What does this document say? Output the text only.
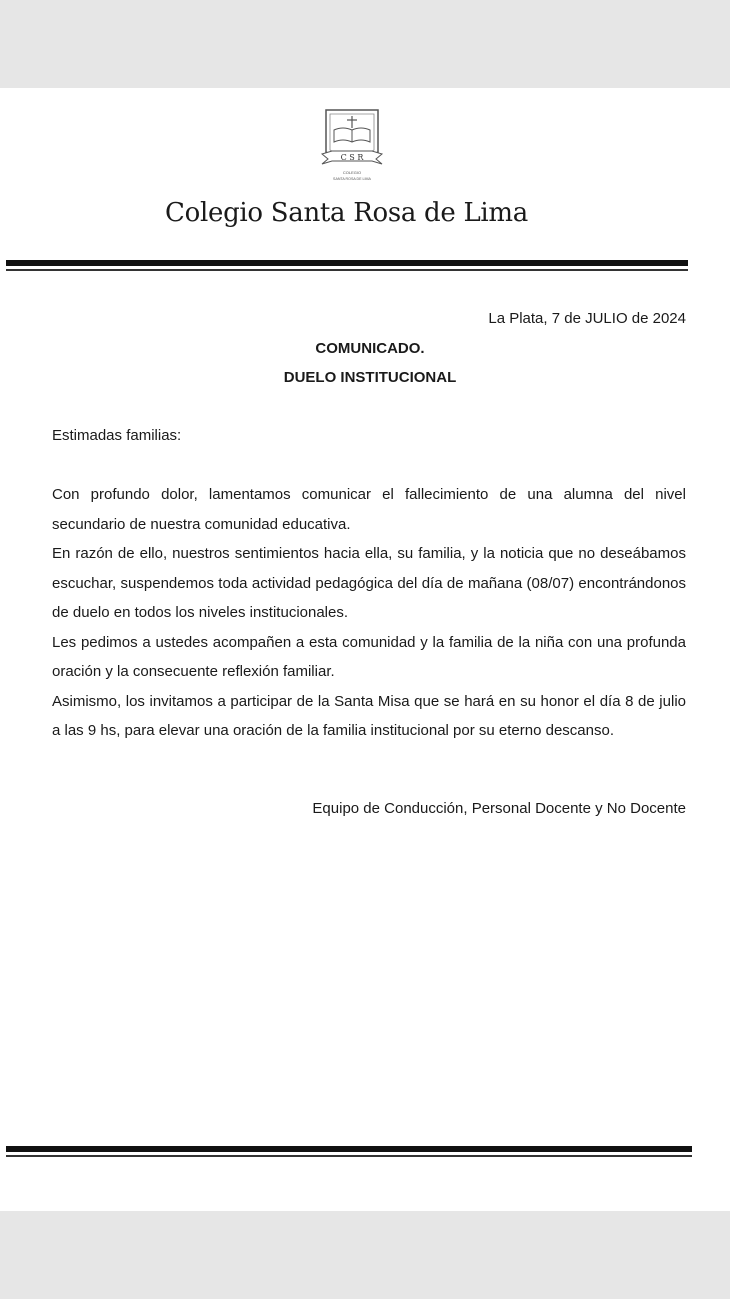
C S R
COLEGIO
SANTA ROSA DE LIMA
Colegio Santa Rosa de Lima
La Plata, 7 de JULIO de 2024
COMUNICADO.
DUELO INSTITUCIONAL
Estimadas familias:

Con profundo dolor, lamentamos comunicar el fallecimiento de una alumna del nivel secundario de nuestra comunidad educativa.

En razón de ello, nuestros sentimientos hacia ella, su familia, y la noticia que no deseábamos escuchar, suspendemos toda actividad pedagógica del día de mañana (08/07) encontrándonos de duelo en todos los niveles institucionales.

Les pedimos a ustedes acompañen a esta comunidad y la familia de la niña con una profunda oración y la consecuente reflexión familiar.

Asimismo, los invitamos a participar de la Santa Misa que se hará en su honor el día 8 de julio a las 9 hs, para elevar una oración de la familia institucional por su eterno descanso.

Equipo de Conducción, Personal Docente y No Docente
